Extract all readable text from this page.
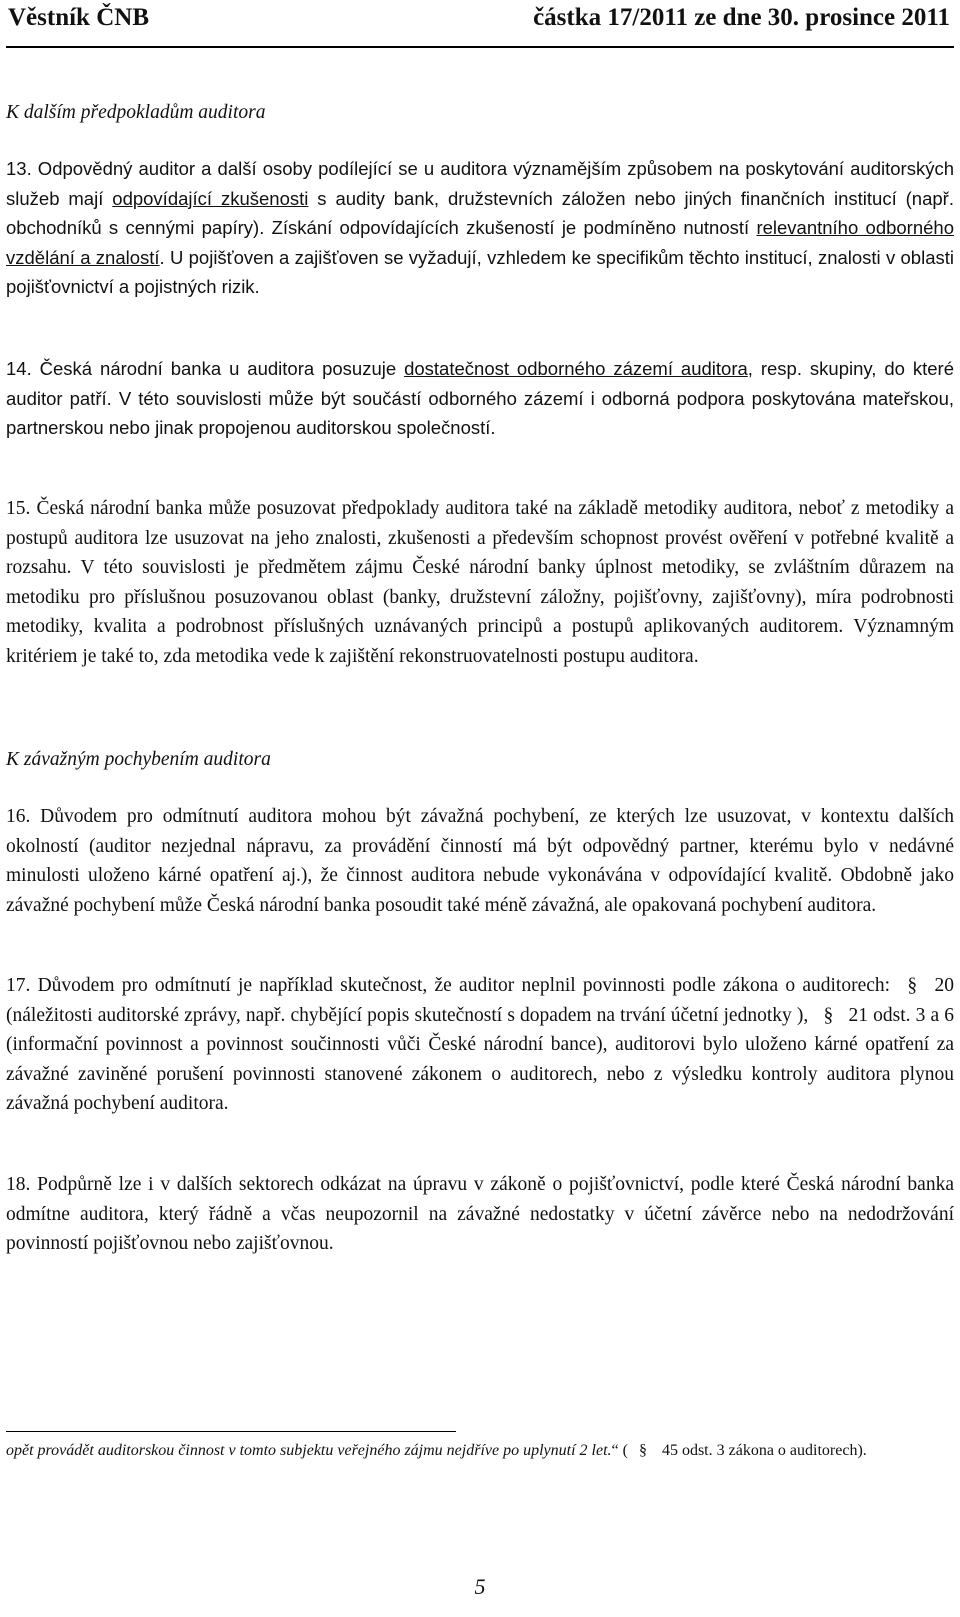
Věstník ČNB	částka 17/2011 ze dne 30. prosince 2011
K dalším předpokladům auditora
13. Odpovědný auditor a další osoby podílející se u auditora významějším způsobem na poskytování auditorských služeb mají odpovídající zkušenosti s audity bank, družstevních záložen nebo jiných finančních institucí (např. obchodníků s cennými papíry). Získání odpovídajících zkušeností je podmíněno nutností relevantního odborného vzdělání a znalostí. U pojišťoven a zajišťoven se vyžadují, vzhledem ke specifikům těchto institucí, znalosti v oblasti pojišťovnictví a pojistných rizik.
14. Česká národní banka u auditora posuzuje dostatečnost odborného zázemí auditora, resp. skupiny, do které auditor patří. V této souvislosti může být součástí odborného zázemí i odborná podpora poskytována mateřskou, partnerskou nebo jinak propojenou auditorskou společností.
15. Česká národní banka může posuzovat předpoklady auditora také na základě metodiky auditora, neboť z metodiky a postupů auditora lze usuzovat na jeho znalosti, zkušenosti a především schopnost provést ověření v potřebné kvalitě a rozsahu. V této souvislosti je předmětem zájmu České národní banky úplnost metodiky, se zvláštním důrazem na metodiku pro příslušnou posuzovanou oblast (banky, družstevní záložny, pojišťovny, zajišťovny), míra podrobnosti metodiky, kvalita a podrobnost příslušných uznávaných principů a postupů aplikovaných auditorem. Významným kritériem je také to, zda metodika vede k zajištění rekonstruovatelnosti postupu auditora.
K závažným pochybením auditora
16. Důvodem pro odmítnutí auditora mohou být závažná pochybení, ze kterých lze usuzovat, v kontextu dalších okolností (auditor nezjednal nápravu, za provádění činností má být odpovědný partner, kterému bylo v nedávné minulosti uloženo kárné opatření aj.), že činnost auditora nebude vykonávána v odpovídající kvalitě. Obdobně jako závažné pochybení může Česká národní banka posoudit také méně závažná, ale opakovaná pochybení auditora.
17. Důvodem pro odmítnutí je například skutečnost, že auditor neplnil povinnosti podle zákona o auditorech: § 20 (náležitosti auditorské zprávy, např. chybějící popis skutečností s dopadem na trvání účetní jednotky ), § 21 odst. 3 a 6 (informační povinnost a povinnost součinnosti vůči České národní bance), auditorovi bylo uloženo kárné opatření za závažné zaviněné porušení povinnosti stanovené zákonem o auditorech, nebo z výsledku kontroly auditora plynou závažná pochybení auditora.
18. Podpůrně lze i v dalších sektorech odkázat na úpravu v zákoně o pojišťovnictví, podle které Česká národní banka odmítne auditora, který řádně a včas neupozornil na závažné nedostatky v účetní závěrce nebo na nedodržování povinností pojišťovnou nebo zajišťovnou.
opět provádět auditorskou činnost v tomto subjektu veřejného zájmu nejdříve po uplynutí 2 let.“ ( § 45 odst. 3 zákona o auditorech).
5
